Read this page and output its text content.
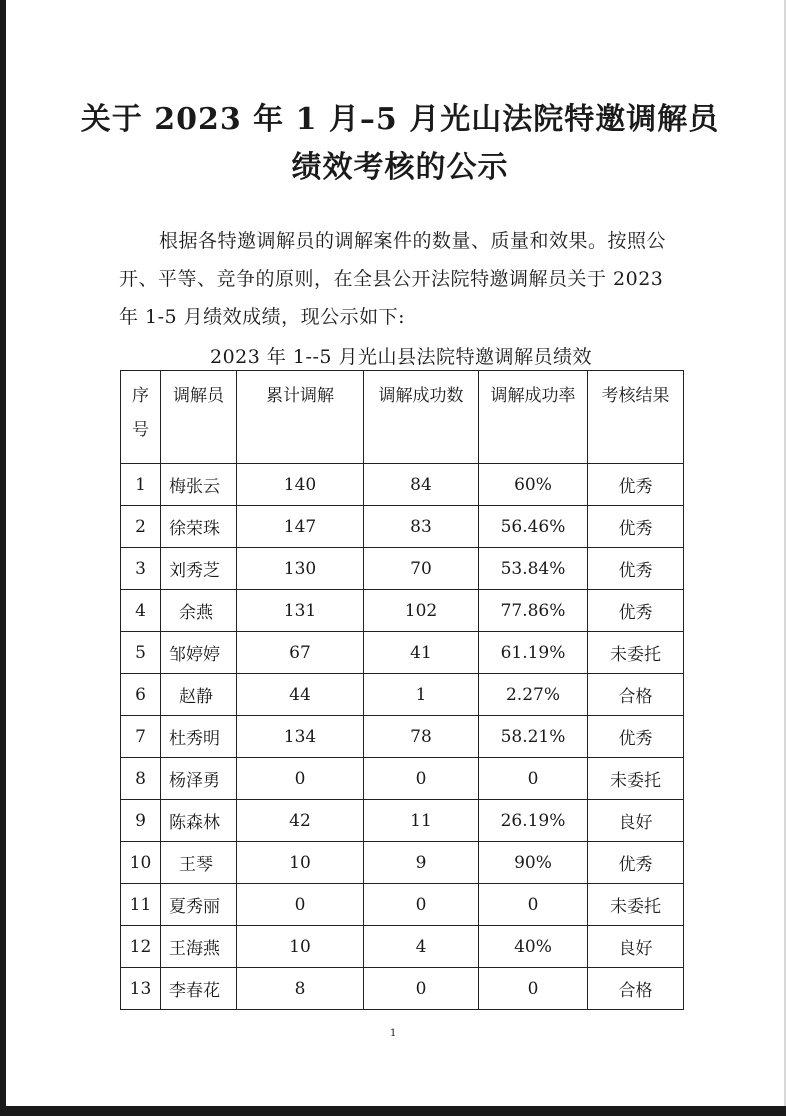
关于 2023 年 1 月–5 月光山法院特邀调解员
绩效考核的公示
根据各特邀调解员的调解案件的数量、质量和效果。按照公开、平等、竞争的原则，在全县公开法院特邀调解员关于 2023 年 1-5 月绩效成绩，现公示如下:
2023 年 1--5 月光山县法院特邀调解员绩效
序号	调解员	累计调解	调解成功数	调解成功率	考核结果
1	梅张云	140	84	60%	优秀
2	徐荣珠	147	83	56.46%	优秀
3	刘秀芝	130	70	53.84%	优秀
4	余燕	131	102	77.86%	优秀
5	邹婷婷	67	41	61.19%	未委托
6	赵静	44	1	2.27%	合格
7	杜秀明	134	78	58.21%	优秀
8	杨泽勇	0	0	0	未委托
9	陈森林	42	11	26.19%	良好
10	王琴	10	9	90%	优秀
11	夏秀丽	0	0	0	未委托
12	王海燕	10	4	40%	良好
13	李春花	8	0	0	合格
1
